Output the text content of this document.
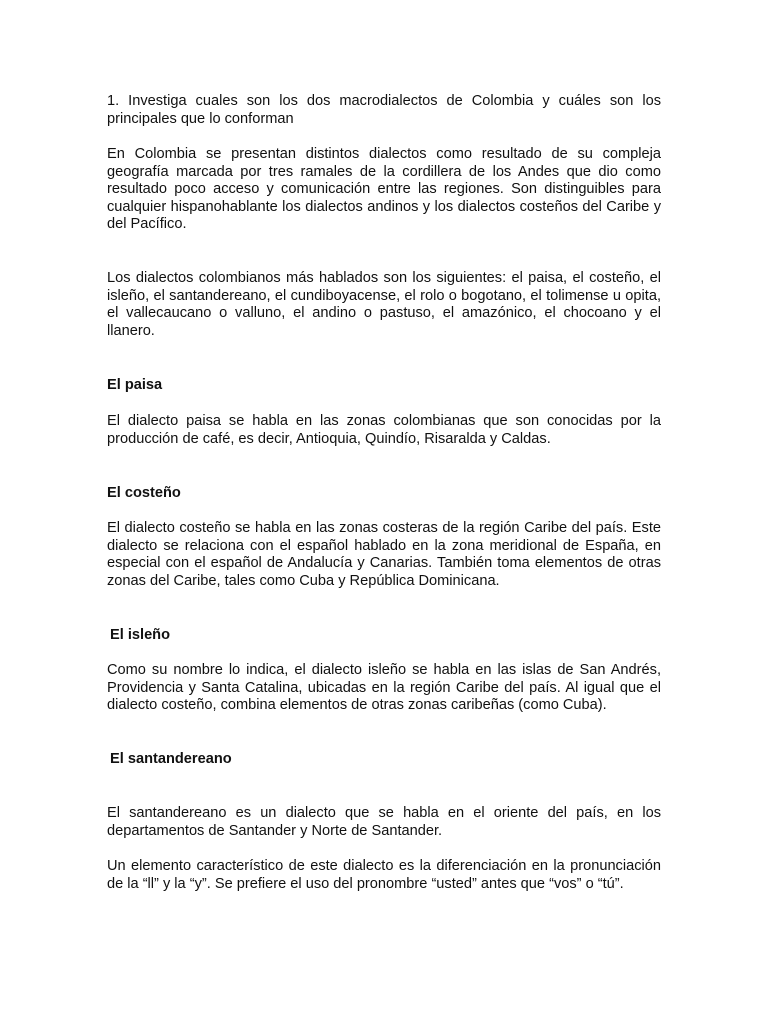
1. Investiga cuales son los dos macrodialectos de Colombia y cuáles son los principales que lo conforman

En Colombia se presentan distintos dialectos como resultado de su compleja geografía marcada por tres ramales de la cordillera de los Andes que dio como resultado poco acceso y comunicación entre las regiones. Son distinguibles para cualquier hispanohablante los dialectos andinos y los dialectos costeños del Caribe y del Pacífico.

Los dialectos colombianos más hablados son los siguientes: el paisa, el costeño, el isleño, el santandereano, el cundiboyacense, el rolo o bogotano, el tolimense u opita, el vallecaucano o valluno, el andino o pastuso, el amazónico, el chocoano y el llanero.

El paisa

El dialecto paisa se habla en las zonas colombianas que son conocidas por la producción de café, es decir, Antioquia, Quindío, Risaralda y Caldas.

El costeño

El dialecto costeño se habla en las zonas costeras de la región Caribe del país. Este dialecto se relaciona con el español hablado en la zona meridional de España, en especial con el español de Andalucía y Canarias. También toma elementos de otras zonas del Caribe, tales como Cuba y República Dominicana.

El isleño

Como su nombre lo indica, el dialecto isleño se habla en las islas de San Andrés, Providencia y Santa Catalina, ubicadas en la región Caribe del país. Al igual que el dialecto costeño, combina elementos de otras zonas caribeñas (como Cuba).

El santandereano

El santandereano es un dialecto que se habla en el oriente del país, en los departamentos de Santander y Norte de Santander.

Un elemento característico de este dialecto es la diferenciación en la pronunciación de la “ll” y la “y”. Se prefiere el uso del pronombre “usted” antes que “vos” o “tú”.
